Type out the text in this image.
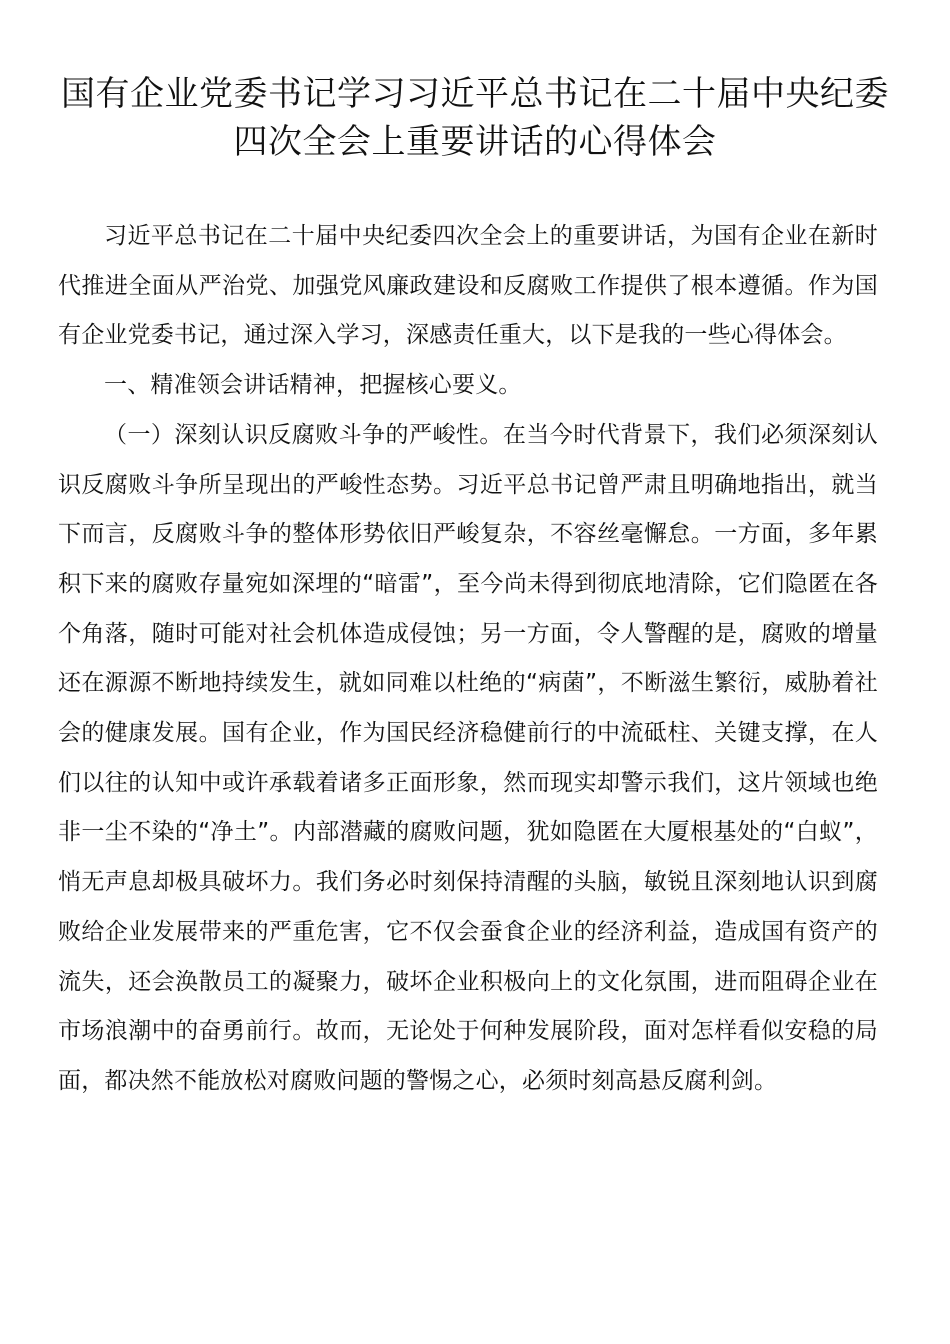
国有企业党委书记学习习近平总书记在二十届中央纪委四次全会上重要讲话的心得体会

习近平总书记在二十届中央纪委四次全会上的重要讲话，为国有企业在新时代推进全面从严治党、加强党风廉政建设和反腐败工作提供了根本遵循。作为国有企业党委书记，通过深入学习，深感责任重大，以下是我的一些心得体会。

一、精准领会讲话精神，把握核心要义。

（一）深刻认识反腐败斗争的严峻性。在当今时代背景下，我们必须深刻认识反腐败斗争所呈现出的严峻性态势。习近平总书记曾严肃且明确地指出，就当下而言，反腐败斗争的整体形势依旧严峻复杂，不容丝毫懈怠。一方面，多年累积下来的腐败存量宛如深埋的“暗雷”，至今尚未得到彻底地清除，它们隐匿在各个角落，随时可能对社会机体造成侵蚀；另一方面，令人警醒的是，腐败的增量还在源源不断地持续发生，就如同难以杜绝的“病菌”，不断滋生繁衍，威胁着社会的健康发展。国有企业，作为国民经济稳健前行的中流砥柱、关键支撑，在人们以往的认知中或许承载着诸多正面形象，然而现实却警示我们，这片领域也绝非一尘不染的“净土”。内部潜藏的腐败问题，犹如隐匿在大厦根基处的“白蚁”，悄无声息却极具破坏力。我们务必时刻保持清醒的头脑，敏锐且深刻地认识到腐败给企业发展带来的严重危害，它不仅会蚕食企业的经济利益，造成国有资产的流失，还会涣散员工的凝聚力，破坏企业积极向上的文化氛围，进而阻碍企业在市场浪潮中的奋勇前行。故而，无论处于何种发展阶段，面对怎样看似安稳的局面，都决然不能放松对腐败问题的警惕之心，必须时刻高悬反腐利剑。
